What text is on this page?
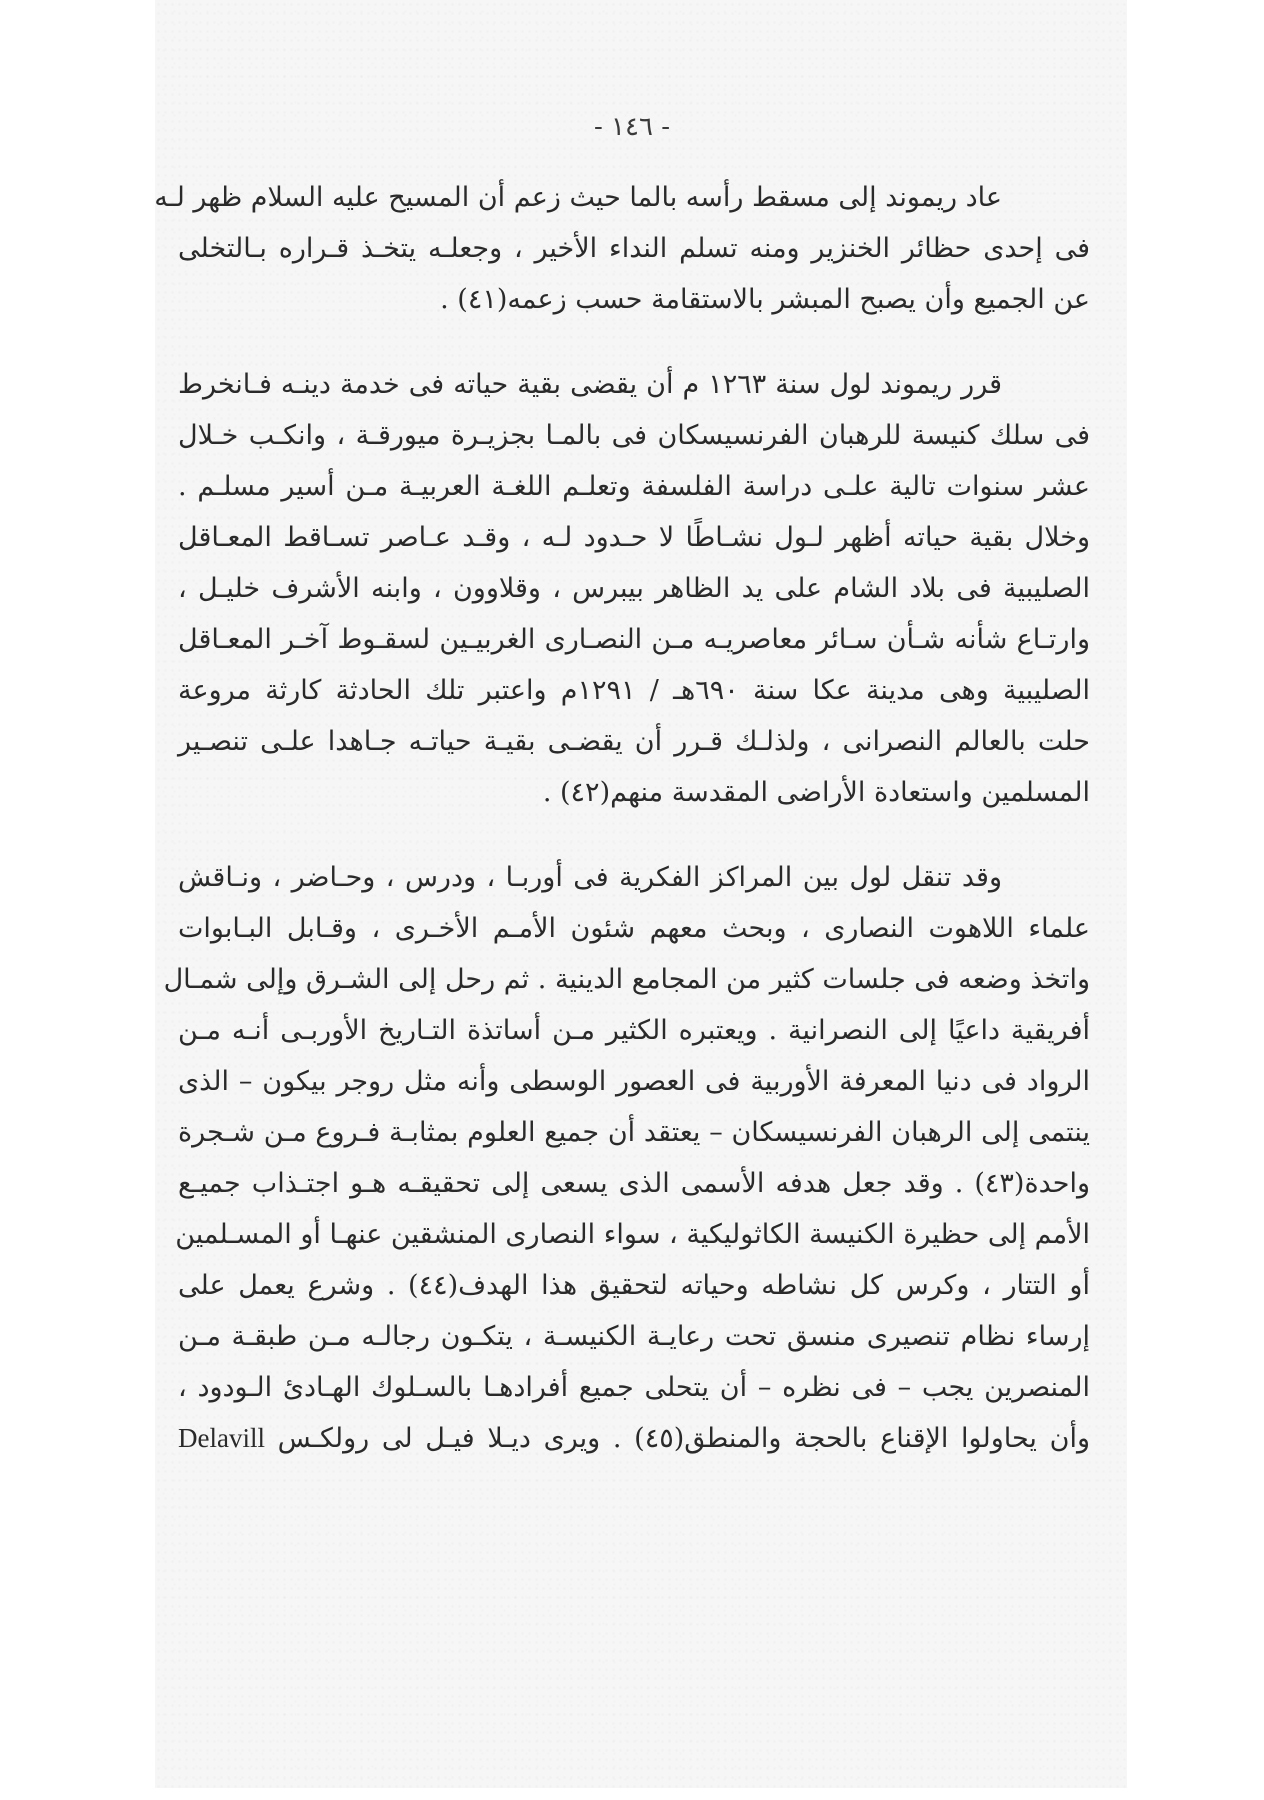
- ١٤٦ -
عاد ريموند إلى مسقط رأسه بالما حيث زعم أن المسيح عليه السلام ظهر لـه
فى إحدى حظائر الخنزير ومنه تسلم النداء الأخير ، وجعلـه يتخـذ قـراره بـالتخلى
عن الجميع وأن يصبح المبشر بالاستقامة حسب زعمه(٤١) .
قرر ريموند لول سنة ١٢٦٣ م أن يقضى بقية حياته فى خدمة دينـه فـانخرط
فى سلك كنيسة للرهبان الفرنسيسكان فى بالمـا بجزيـرة ميورقـة ، وانكـب خـلال
عشر سنوات تالية علـى دراسة الفلسفة وتعلـم اللغـة العربيـة مـن أسير مسلـم .
وخلال بقية حياته أظهر لـول نشـاطًا لا حـدود لـه ، وقـد عـاصر تسـاقط المعـاقل
الصليبية فى بلاد الشام على يد الظاهر بيبرس ، وقلاوون ، وابنه الأشرف خليـل ،
وارتـاع شأنه شـأن سـائر معاصريـه مـن النصـارى الغربيـين لسقـوط آخـر المعـاقل
الصليبية وهى مدينة عكا سنة ٦٩٠هـ / ١٢٩١م واعتبر تلك الحادثة كارثة مروعة
حلت بالعالم النصرانى ، ولذلـك قـرر أن يقضـى بقيـة حياتـه جـاهدا علـى تنصـير
المسلمين واستعادة الأراضى المقدسة منهم(٤٢) .
وقد تنقل لول بين المراكز الفكرية فى أوربـا ، ودرس ، وحـاضر ، ونـاقش
علماء اللاهوت النصارى ، وبحث معهم شئون الأمـم الأخـرى ، وقـابل البـابوات
واتخذ وضعه فى جلسات كثير من المجامع الدينية . ثم رحل إلى الشـرق وإلى شمـال
أفريقية داعيًا إلى النصرانية . ويعتبره الكثير مـن أساتذة التـاريخ الأوربـى أنـه مـن
الرواد فى دنيا المعرفة الأوربية فى العصور الوسطى وأنه مثل روجر بيكون – الذى
ينتمى إلى الرهبان الفرنسيسكان – يعتقد أن جميع العلوم بمثابـة فـروع مـن شـجرة
واحدة(٤٣) . وقد جعل هدفه الأسمى الذى يسعى إلى تحقيقـه هـو اجتـذاب جميـع
الأمم إلى حظيرة الكنيسة الكاثوليكية ، سواء النصارى المنشقين عنهـا أو المسـلمين
أو التتار ، وكرس كل نشاطه وحياته لتحقيق هذا الهدف(٤٤) . وشرع يعمل على
إرساء نظام تنصيرى منسق تحت رعايـة الكنيسـة ، يتكـون رجالـه مـن طبقـة مـن
المنصرين يجب – فى نظره – أن يتحلى جميع أفرادهـا بالسـلوك الهـادئ الـودود ،
وأن يحاولوا الإقناع بالحجة والمنطق(٤٥) . ويرى ديـلا فيـل لى رولكـس Delavill
